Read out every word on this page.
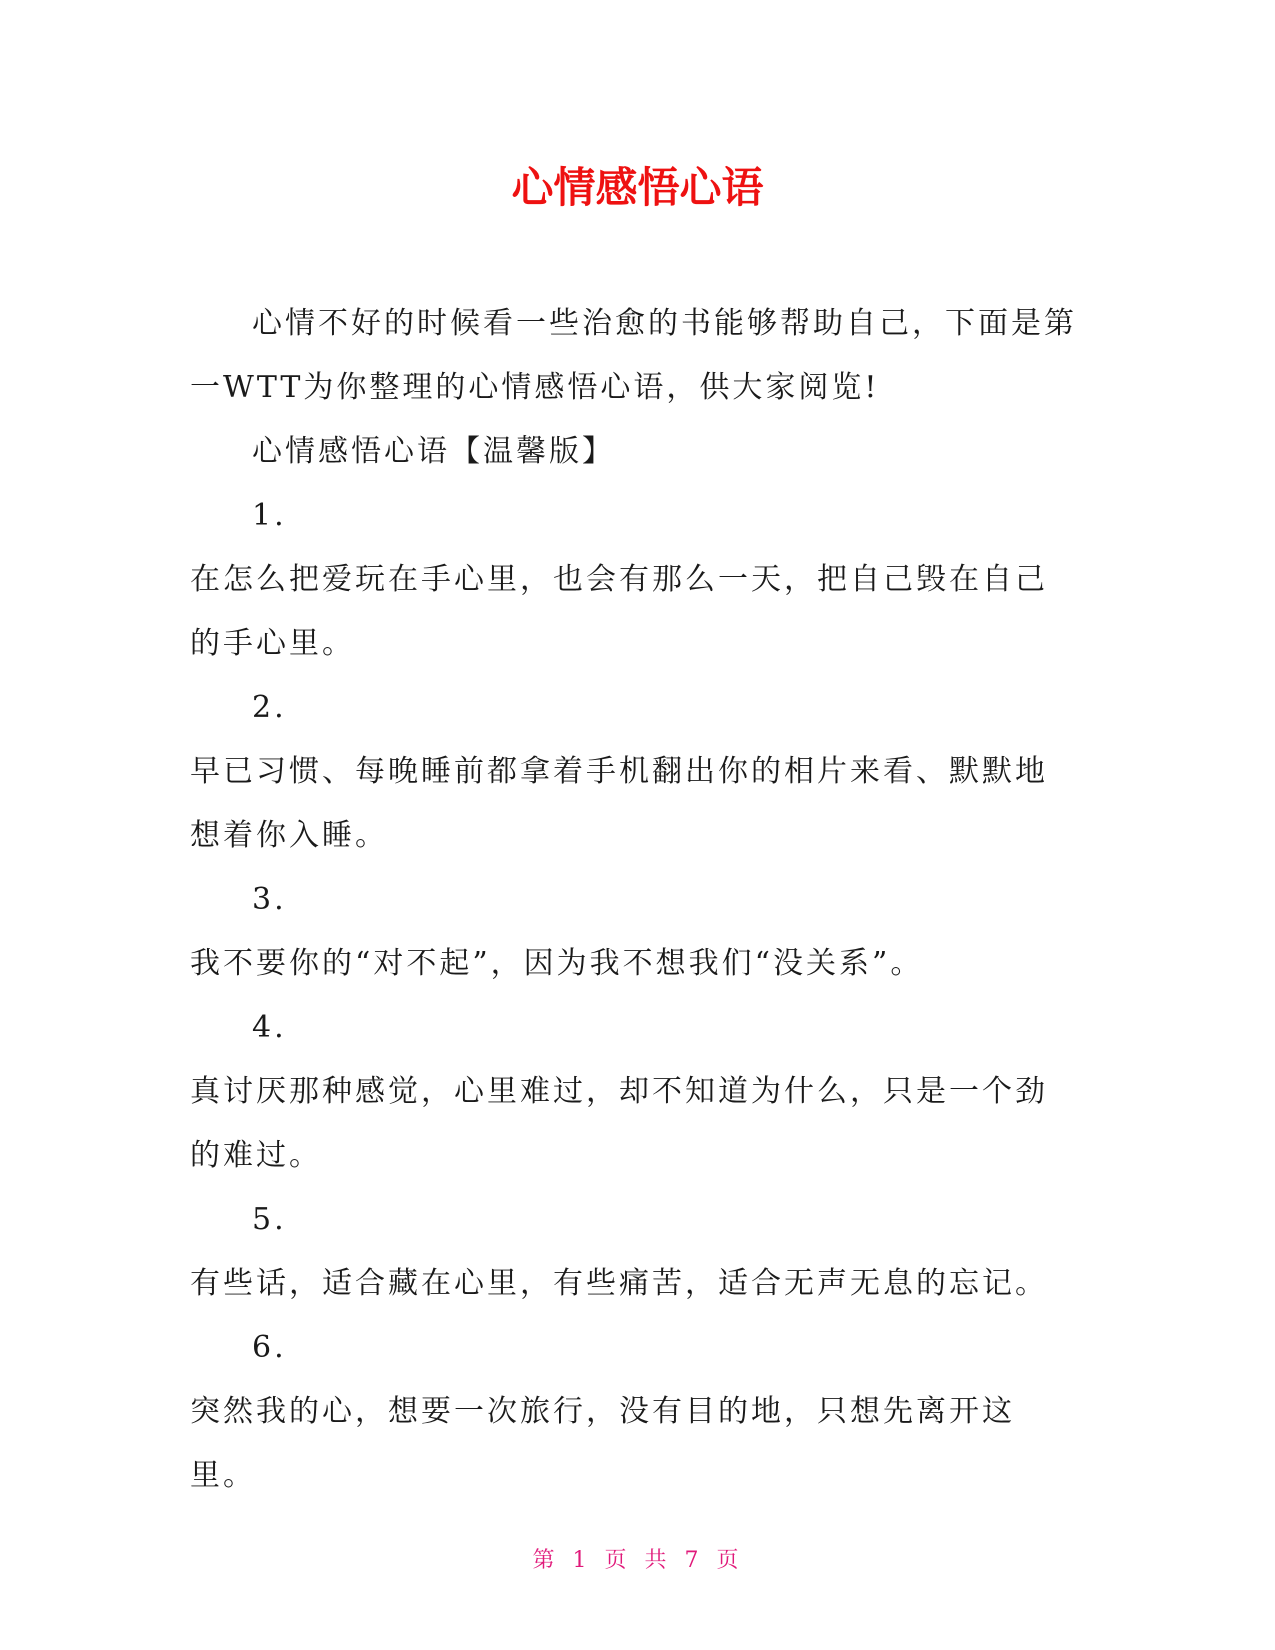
心情感悟心语

心情不好的时候看一些治愈的书能够帮助自己，下面是第一WTT为你整理的心情感悟心语，供大家阅览!

心情感悟心语【温馨版】

1.

在怎么把爱玩在手心里，也会有那么一天，把自己毁在自己的手心里。

2.

早已习惯、每晚睡前都拿着手机翻出你的相片来看、默默地想着你入睡。

3.

我不要你的“对不起”，因为我不想我们“没关系”。

4.

真讨厌那种感觉，心里难过，却不知道为什么，只是一个劲的难过。

5.

有些话，适合藏在心里，有些痛苦，适合无声无息的忘记。

6.

突然我的心，想要一次旅行，没有目的地，只想先离开这里。

第 1 页 共 7 页
